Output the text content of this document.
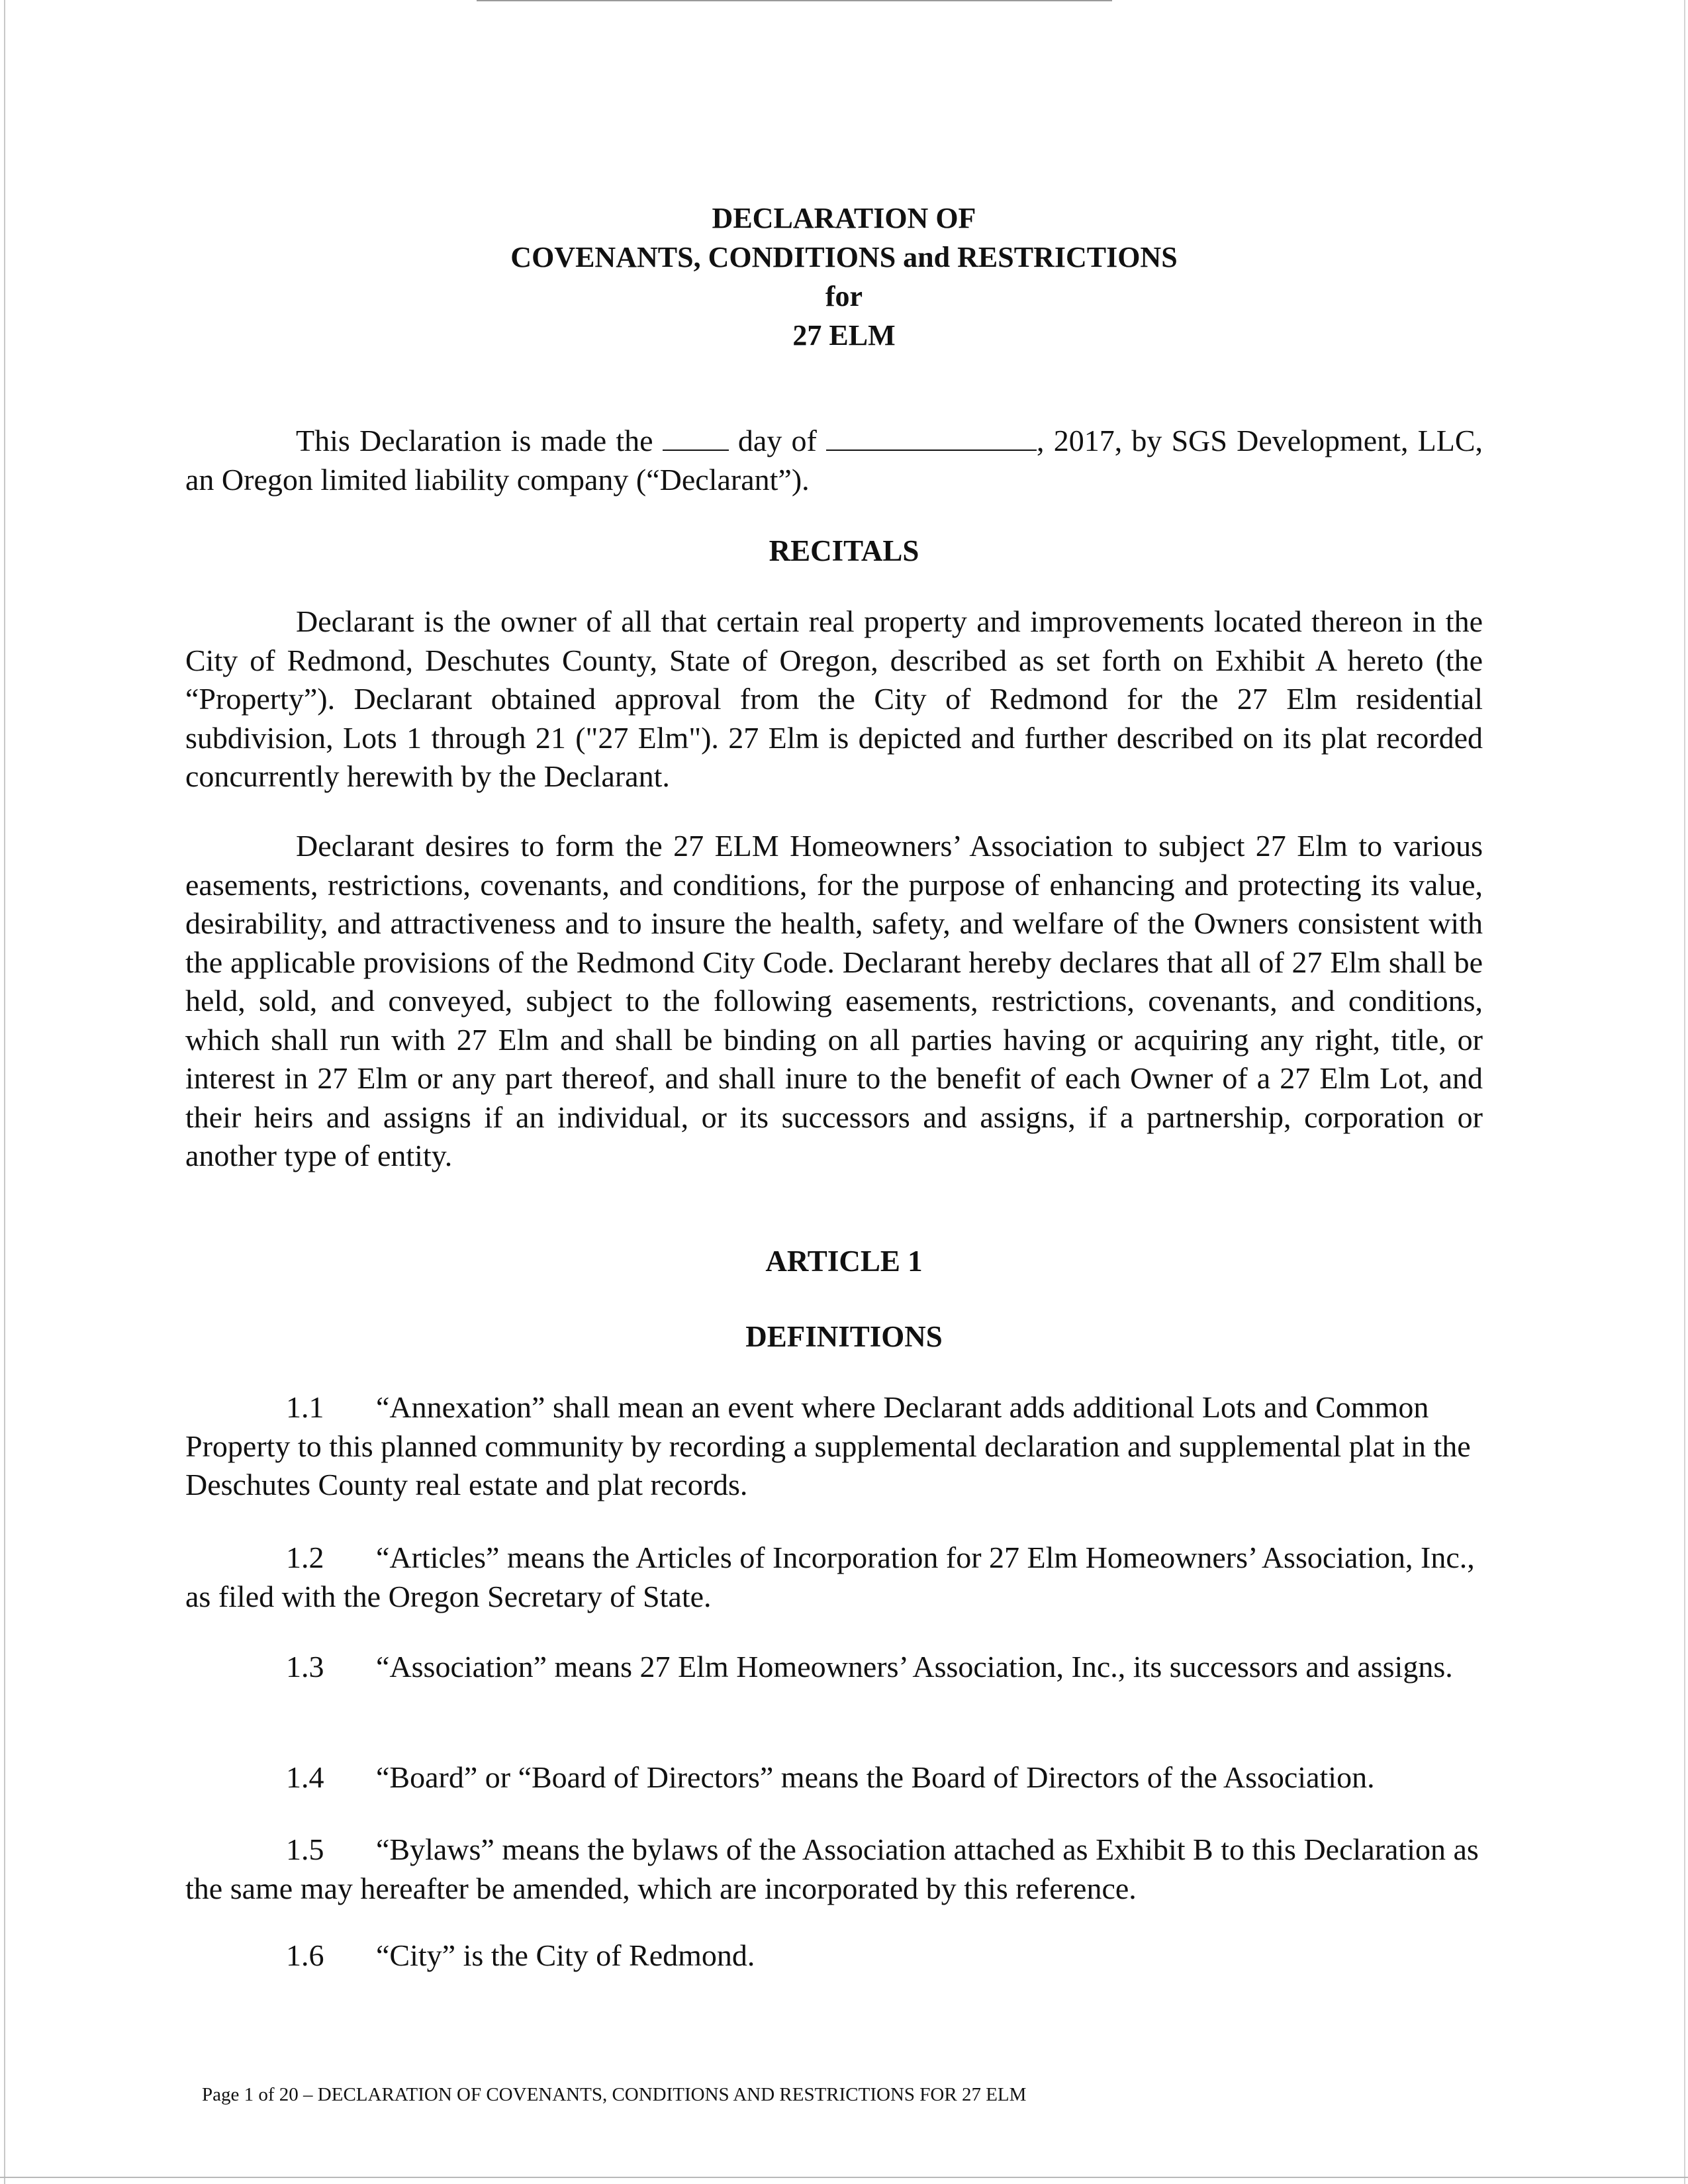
DECLARATION OF
COVENANTS, CONDITIONS and RESTRICTIONS
for
27 ELM

This Declaration is made the	day of	, 2017, by SGS Development, LLC, an Oregon limited liability company (“Declarant”).

RECITALS

Declarant is the owner of all that certain real property and improvements located thereon in the City of Redmond, Deschutes County, State of Oregon, described as set forth on Exhibit A hereto (the “Property”). Declarant obtained approval from the City of Redmond for the 27 Elm residential subdivision, Lots 1 through 21 ("27 Elm"). 27 Elm is depicted and further described on its plat recorded concurrently herewith by the Declarant.

Declarant desires to form the 27 ELM Homeowners’ Association to subject 27 Elm to various easements, restrictions, covenants, and conditions, for the purpose of enhancing and protecting its value, desirability, and attractiveness and to insure the health, safety, and welfare of the Owners consistent with the applicable provisions of the Redmond City Code. Declarant hereby declares that all of 27 Elm shall be held, sold, and conveyed, subject to the following easements, restrictions, covenants, and conditions, which shall run with 27 Elm and shall be binding on all parties having or acquiring any right, title, or interest in 27 Elm or any part thereof, and shall inure to the benefit of each Owner of a 27 Elm Lot, and their heirs and assigns if an individual, or its successors and assigns, if a partnership, corporation or another type of entity.

ARTICLE 1
DEFINITIONS

1.1 “Annexation” shall mean an event where Declarant adds additional Lots and Common Property to this planned community by recording a supplemental declaration and supplemental plat in the Deschutes County real estate and plat records.

1.2 “Articles” means the Articles of Incorporation for 27 Elm Homeowners’ Association, Inc., as filed with the Oregon Secretary of State.

1.3 “Association” means 27 Elm Homeowners’ Association, Inc., its successors and assigns.

1.4 “Board” or “Board of Directors” means the Board of Directors of the Association.

1.5 “Bylaws” means the bylaws of the Association attached as Exhibit B to this Declaration as the same may hereafter be amended, which are incorporated by this reference.

1.6 “City” is the City of Redmond.

Page 1 of 20 – DECLARATION OF COVENANTS, CONDITIONS AND RESTRICTIONS FOR 27 ELM
